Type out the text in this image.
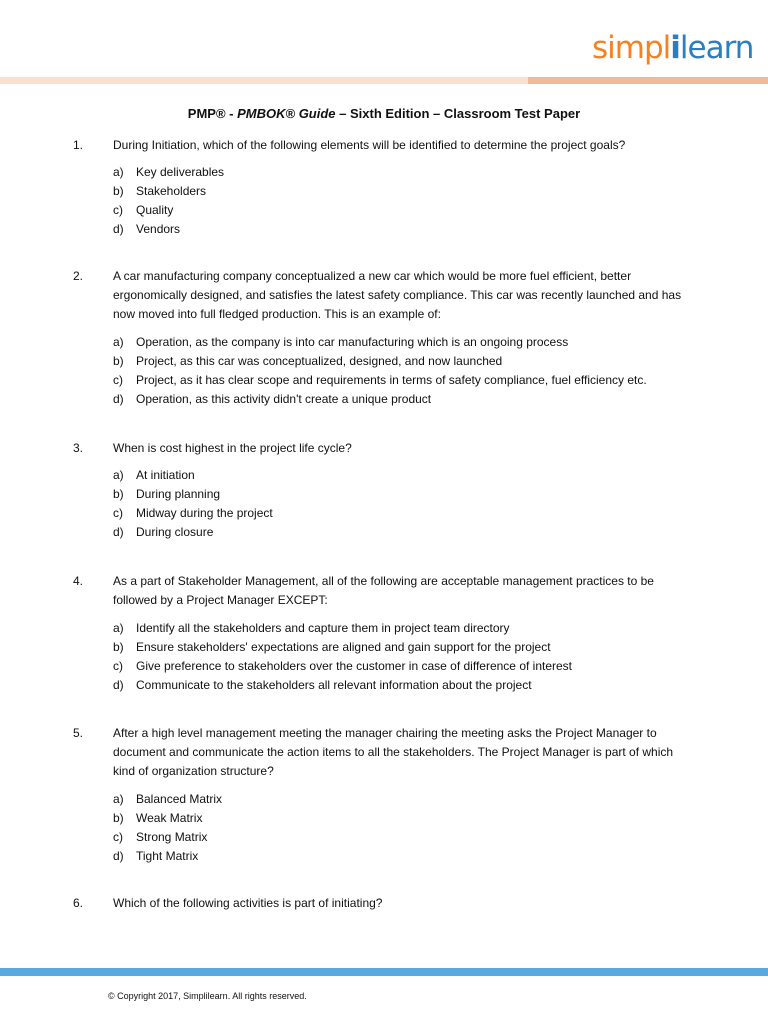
simplilearn
PMP® - PMBOK® Guide – Sixth Edition – Classroom Test Paper
1. During Initiation, which of the following elements will be identified to determine the project goals?
a) Key deliverables
b) Stakeholders
c) Quality
d) Vendors
2. A car manufacturing company conceptualized a new car which would be more fuel efficient, better ergonomically designed, and satisfies the latest safety compliance. This car was recently launched and has now moved into full fledged production. This is an example of:
a) Operation, as the company is into car manufacturing which is an ongoing process
b) Project, as this car was conceptualized, designed, and now launched
c) Project, as it has clear scope and requirements in terms of safety compliance, fuel efficiency etc.
d) Operation, as this activity didn't create a unique product
3. When is cost highest in the project life cycle?
a) At initiation
b) During planning
c) Midway during the project
d) During closure
4. As a part of Stakeholder Management, all of the following are acceptable management practices to be followed by a Project Manager EXCEPT:
a) Identify all the stakeholders and capture them in project team directory
b) Ensure stakeholders' expectations are aligned and gain support for the project
c) Give preference to stakeholders over the customer in case of difference of interest
d) Communicate to the stakeholders all relevant information about the project
5. After a high level management meeting the manager chairing the meeting asks the Project Manager to document and communicate the action items to all the stakeholders. The Project Manager is part of which kind of organization structure?
a) Balanced Matrix
b) Weak Matrix
c) Strong Matrix
d) Tight Matrix
6. Which of the following activities is part of initiating?
© Copyright 2017, Simplilearn. All rights reserved.
